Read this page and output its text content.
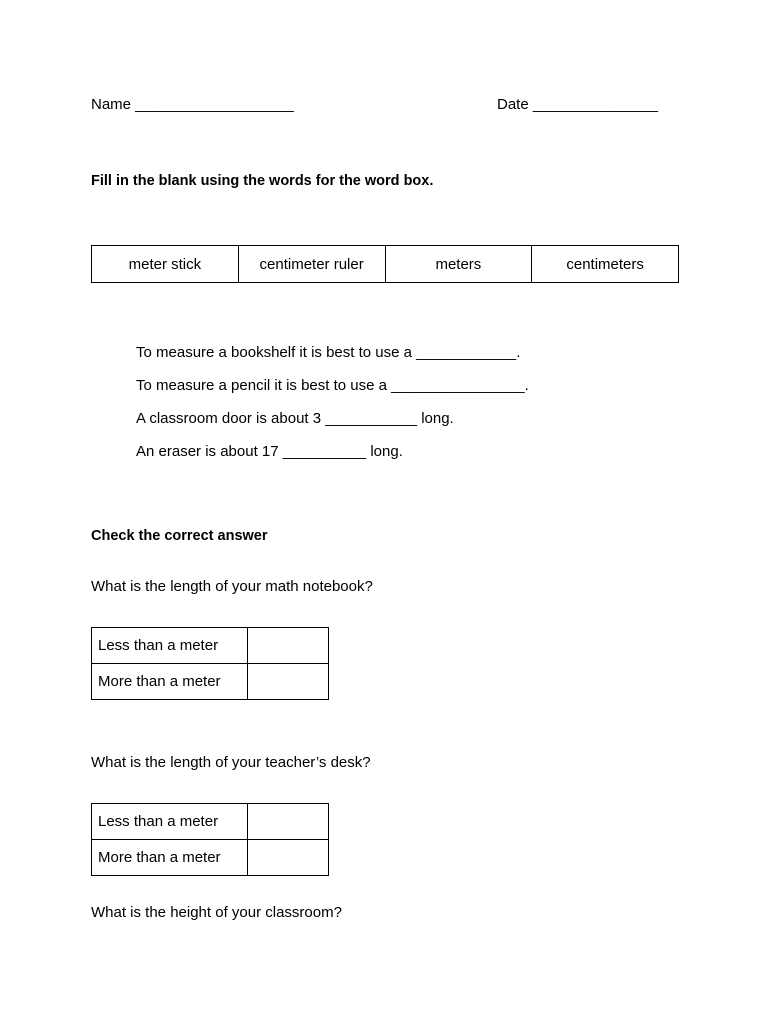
Name ___________________	Date _______________
Fill in the blank using the words for the word box.
meter stick	centimeter ruler	meters	centimeters
To measure a bookshelf it is best to use a ____________.
To measure a pencil it is best to use a ________________.
A classroom door is about 3 ___________ long.
An eraser is about 17 __________ long.
Check the correct answer
What is the length of your math notebook?
Less than a meter	
More than a meter	
What is the length of your teacher’s desk?
Less than a meter	
More than a meter	
What is the height of your classroom?
